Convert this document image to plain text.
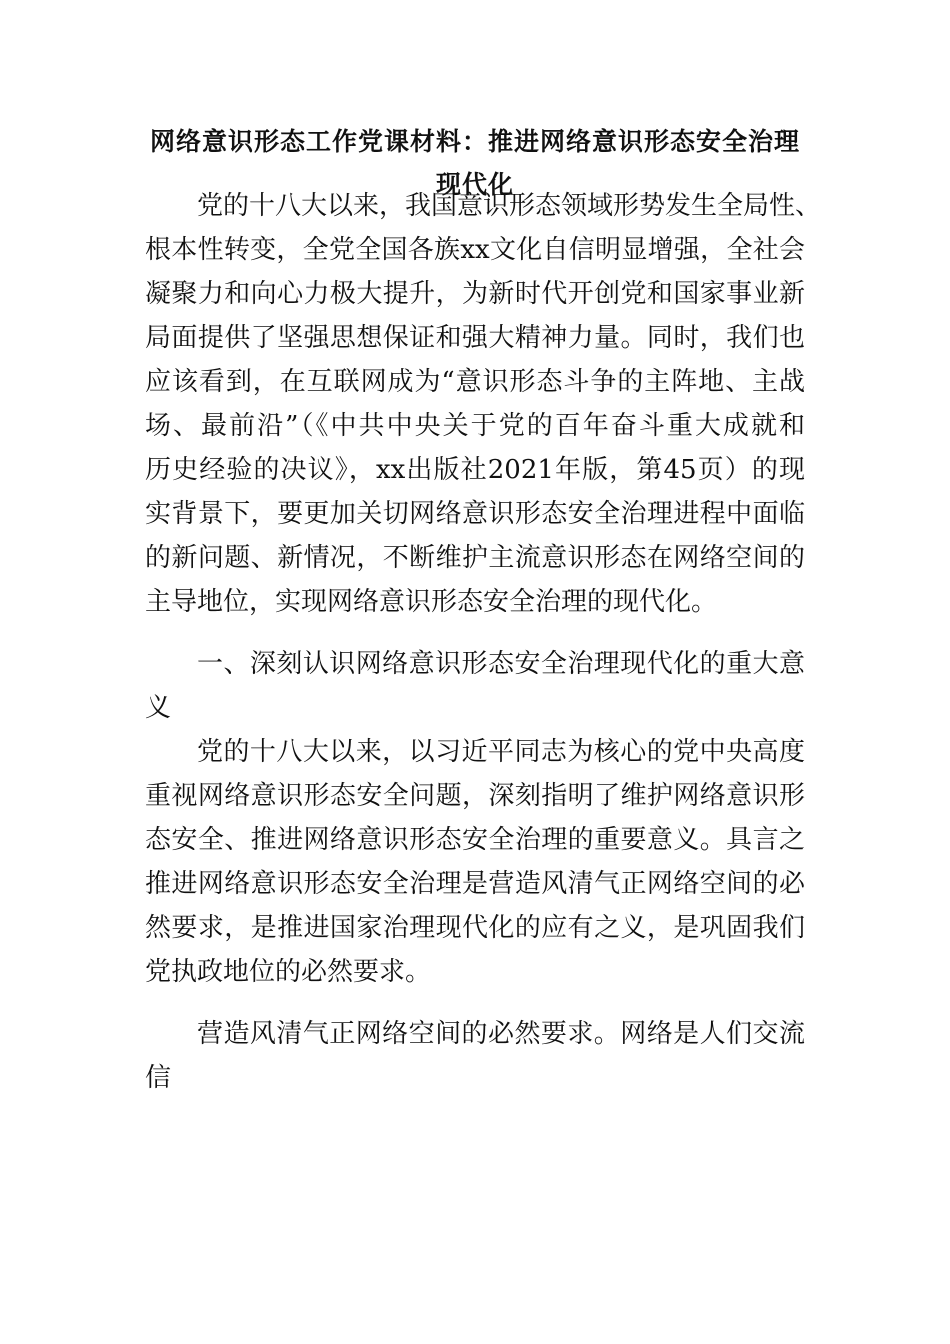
网络意识形态工作党课材料：推进网络意识形态安全治理
现代化
党的十八大以来，我国意识形态领域形势发生全局性、
根本性转变，全党全国各族xx文化自信明显增强，全社会
凝聚力和向心力极大提升，为新时代开创党和国家事业新
局面提供了坚强思想保证和强大精神力量。同时，我们也
应该看到，在互联网成为“意识形态斗争的主阵地、主战
场、最前沿”（《中共中央关于党的百年奋斗重大成就和
历史经验的决议》，xx出版社2021年版，第45页）的现
实背景下，要更加关切网络意识形态安全治理进程中面临
的新问题、新情况，不断维护主流意识形态在网络空间的
主导地位，实现网络意识形态安全治理的现代化。
一、深刻认识网络意识形态安全治理现代化的重大意
义
党的十八大以来，以习近平同志为核心的党中央高度
重视网络意识形态安全问题，深刻指明了维护网络意识形
态安全、推进网络意识形态安全治理的重要意义。具言之
推进网络意识形态安全治理是营造风清气正网络空间的必
然要求，是推进国家治理现代化的应有之义，是巩固我们
党执政地位的必然要求。
营造风清气正网络空间的必然要求。网络是人们交流
信
